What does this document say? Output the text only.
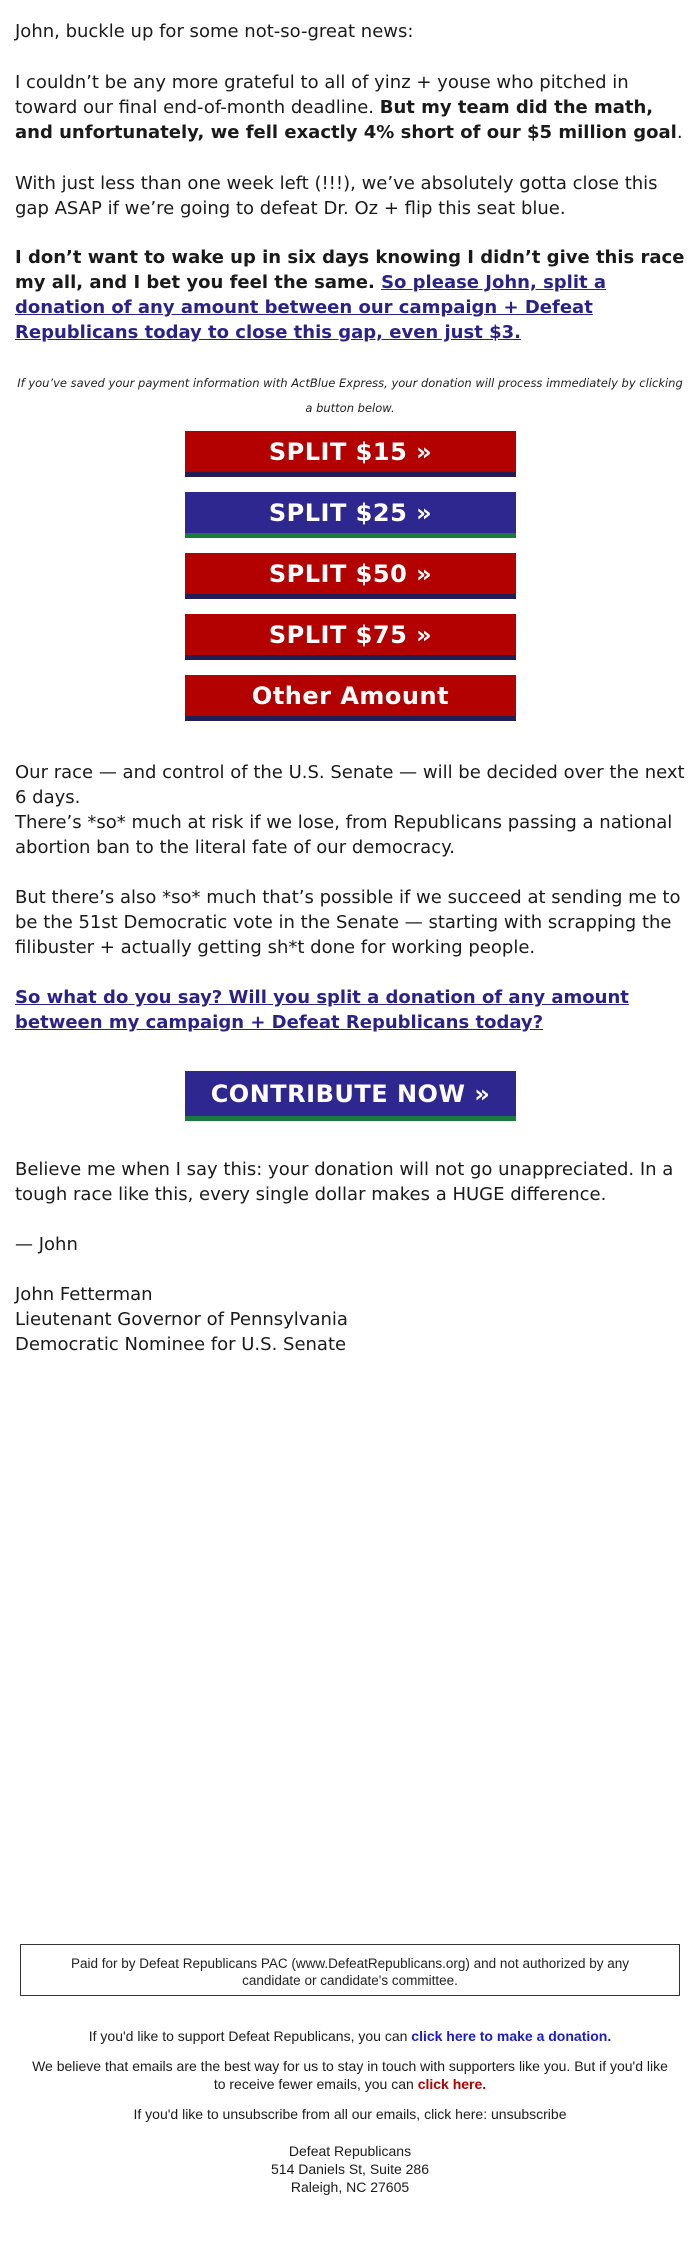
John, buckle up for some not-so-great news:

I couldn’t be any more grateful to all of yinz + youse who pitched in toward our final end-of-month deadline. But my team did the math, and unfortunately, we fell exactly 4% short of our $5 million goal.

With just less than one week left (!!!), we’ve absolutely gotta close this gap ASAP if we’re going to defeat Dr. Oz + flip this seat blue.

I don’t want to wake up in six days knowing I didn’t give this race my all, and I bet you feel the same. So please John, split a donation of any amount between our campaign + Defeat Republicans today to close this gap, even just $3.

If you’ve saved your payment information with ActBlue Express, your donation will process immediately by clicking a button below.
SPLIT $15 »
SPLIT $25 »
SPLIT $50 »
SPLIT $75 »
Other Amount

Our race — and control of the U.S. Senate — will be decided over the next 6 days.

There’s *so* much at risk if we lose, from Republicans passing a national abortion ban to the literal fate of our democracy.

But there’s also *so* much that’s possible if we succeed at sending me to be the 51st Democratic vote in the Senate — starting with scrapping the filibuster + actually getting sh*t done for working people.

So what do you say? Will you split a donation of any amount between my campaign + Defeat Republicans today?

CONTRIBUTE NOW »

Believe me when I say this: your donation will not go unappreciated. In a tough race like this, every single dollar makes a HUGE difference.

— John

John Fetterman

Lieutenant Governor of Pennsylvania

Democratic Nominee for U.S. Senate

Paid for by Defeat Republicans PAC (www.DefeatRepublicans.org) and not authorized by any candidate or candidate's committee.
If you'd like to support Defeat Republicans, you can click here to make a donation.
We believe that emails are the best way for us to stay in touch with supporters like you. But if you'd like to receive fewer emails, you can click here.
If you'd like to unsubscribe from all our emails, click here: unsubscribe
Defeat Republicans
514 Daniels St, Suite 286
Raleigh, NC 27605
